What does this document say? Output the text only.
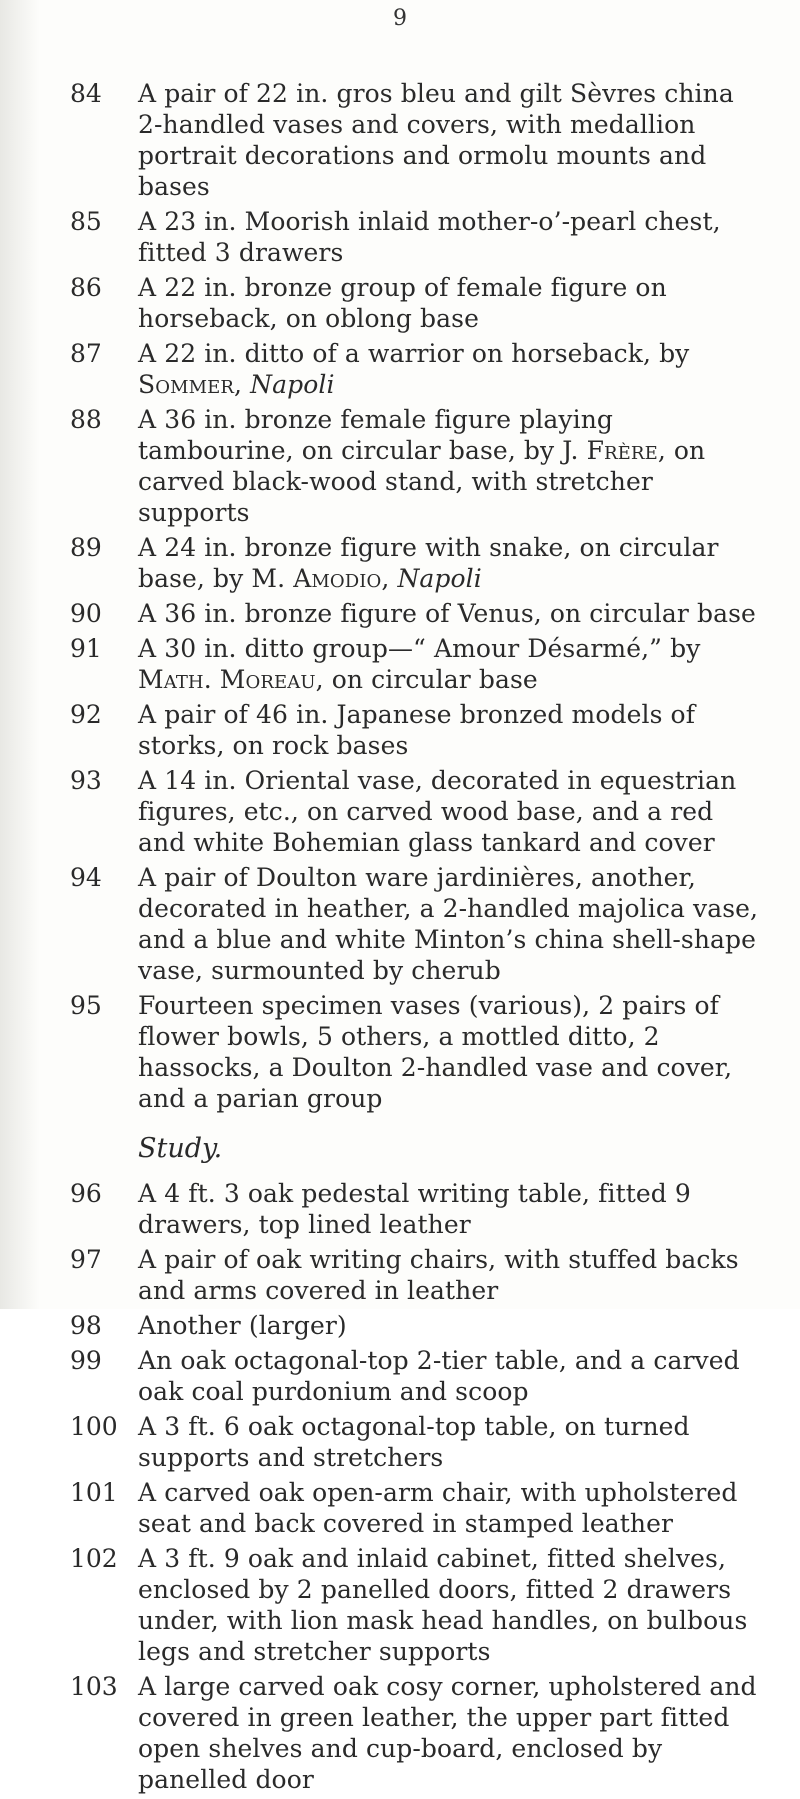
9
84	A pair of 22 in. gros bleu and gilt Sèvres china 2-handled vases and covers, with medallion portrait decorations and ormolu mounts and bases
85	A 23 in. Moorish inlaid mother-o’-pearl chest, fitted 3 drawers
86	A 22 in. bronze group of female figure on horseback, on oblong base
87	A 22 in. ditto of a warrior on horseback, by Sommer, Napoli
88	A 36 in. bronze female figure playing tambourine, on circular base, by J. Frère, on carved black-wood stand, with stretcher supports
89	A 24 in. bronze figure with snake, on circular base, by M. Amodio, Napoli
90	A 36 in. bronze figure of Venus, on circular base
91	A 30 in. ditto group—“ Amour Désarmé,” by Math. Moreau, on circular base
92	A pair of 46 in. Japanese bronzed models of storks, on rock bases
93	A 14 in. Oriental vase, decorated in equestrian figures, etc., on carved wood base, and a red and white Bohemian glass tankard and cover
94	A pair of Doulton ware jardinières, another, decorated in heather, a 2-handled majolica vase, and a blue and white Minton’s china shell-shape vase, surmounted by cherub
95	Fourteen specimen vases (various), 2 pairs of flower bowls, 5 others, a mottled ditto, 2 hassocks, a Doulton 2-handled vase and cover, and a parian group
Study.
96	A 4 ft. 3 oak pedestal writing table, fitted 9 drawers, top lined leather
97	A pair of oak writing chairs, with stuffed backs and arms covered in leather
98	Another (larger)
99	An oak octagonal-top 2-tier table, and a carved oak coal purdonium and scoop
100 A 3 ft. 6 oak octagonal-top table, on turned supports and stretchers
101 A carved oak open-arm chair, with upholstered seat and back covered in stamped leather
102 A 3 ft. 9 oak and inlaid cabinet, fitted shelves, enclosed by 2 panelled doors, fitted 2 drawers under, with lion mask head handles, on bulbous legs and stretcher supports
103 A large carved oak cosy corner, upholstered and covered in green leather, the upper part fitted open shelves and cup-board, enclosed by panelled door
